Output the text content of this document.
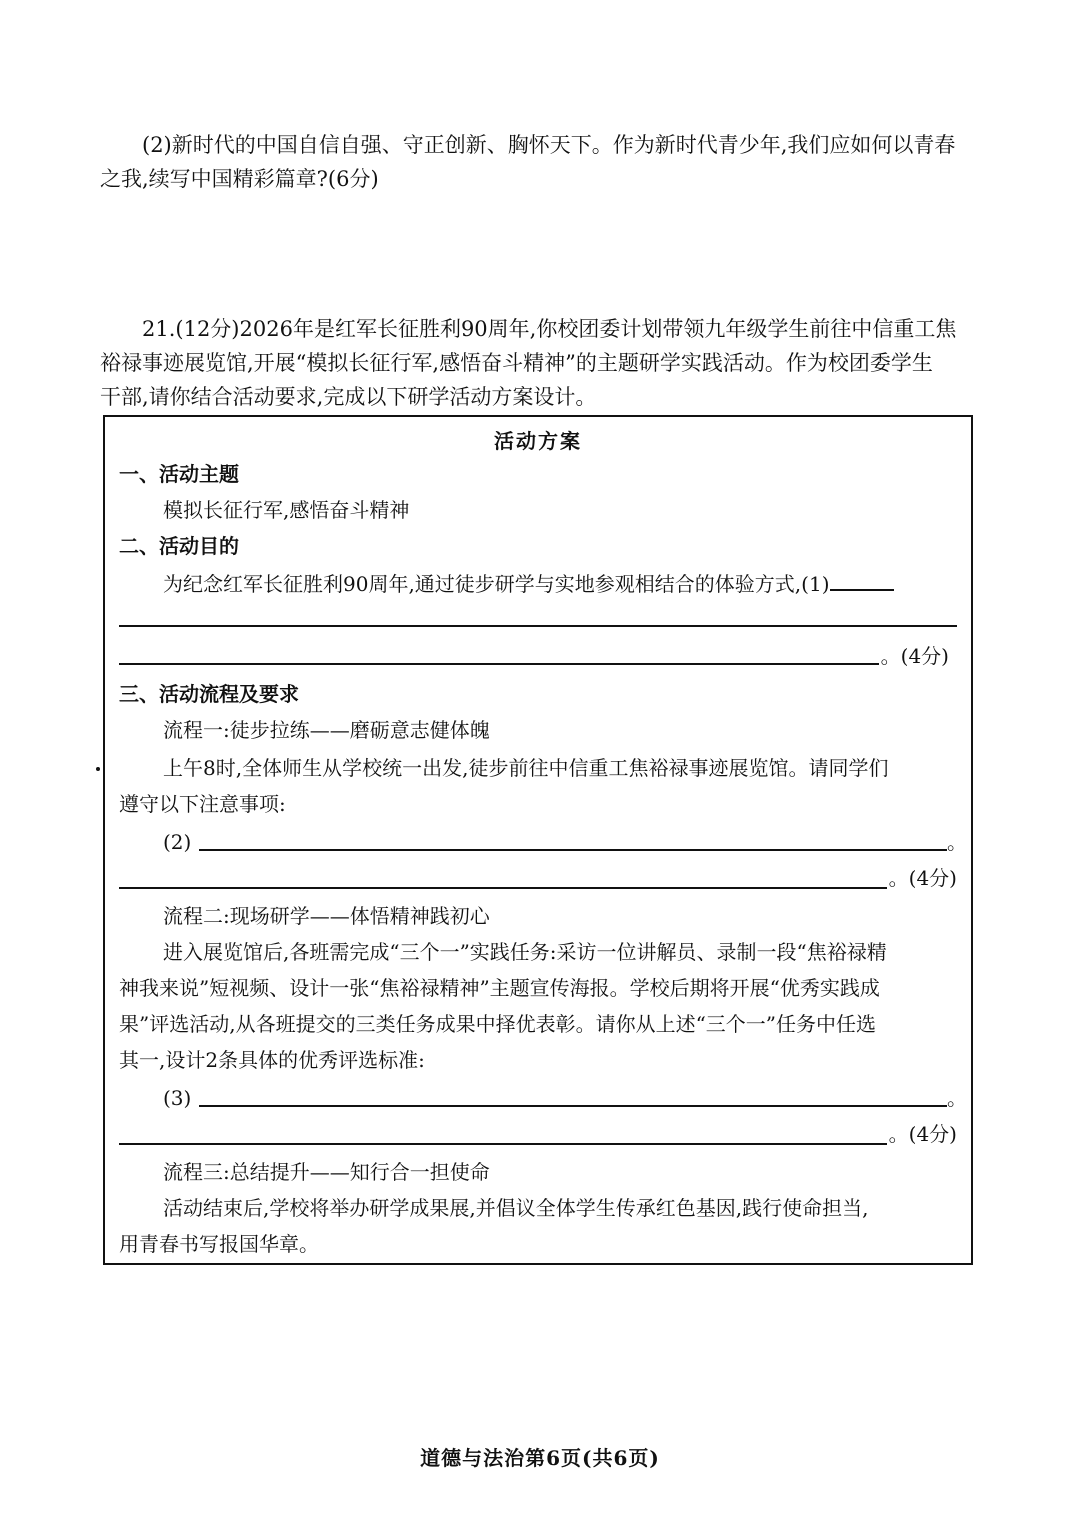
(2)新时代的中国自信自强、守正创新、胸怀天下。作为新时代青少年,我们应如何以青春
之我,续写中国精彩篇章?(6分)
21.(12分)2026年是红军长征胜利90周年,你校团委计划带领九年级学生前往中信重工焦
裕禄事迹展览馆,开展“模拟长征行军,感悟奋斗精神”的主题研学实践活动。作为校团委学生
干部,请你结合活动要求,完成以下研学活动方案设计。
活动方案
一、活动主题
模拟长征行军,感悟奋斗精神
二、活动目的
为纪念红军长征胜利90周年,通过徒步研学与实地参观相结合的体验方式,(1)
。(4分)
三、活动流程及要求
流程一:徒步拉练——磨砺意志健体魄
上午8时,全体师生从学校统一出发,徒步前往中信重工焦裕禄事迹展览馆。请同学们
遵守以下注意事项:
(2)	。
。(4分)
流程二:现场研学——体悟精神践初心
进入展览馆后,各班需完成“三个一”实践任务:采访一位讲解员、录制一段“焦裕禄精
神我来说”短视频、设计一张“焦裕禄精神”主题宣传海报。学校后期将开展“优秀实践成
果”评选活动,从各班提交的三类任务成果中择优表彰。请你从上述“三个一”任务中任选
其一,设计2条具体的优秀评选标准:
(3)	。
。(4分)
流程三:总结提升——知行合一担使命
活动结束后,学校将举办研学成果展,并倡议全体学生传承红色基因,践行使命担当,
用青春书写报国华章。
道德与法治第6页(共6页)
